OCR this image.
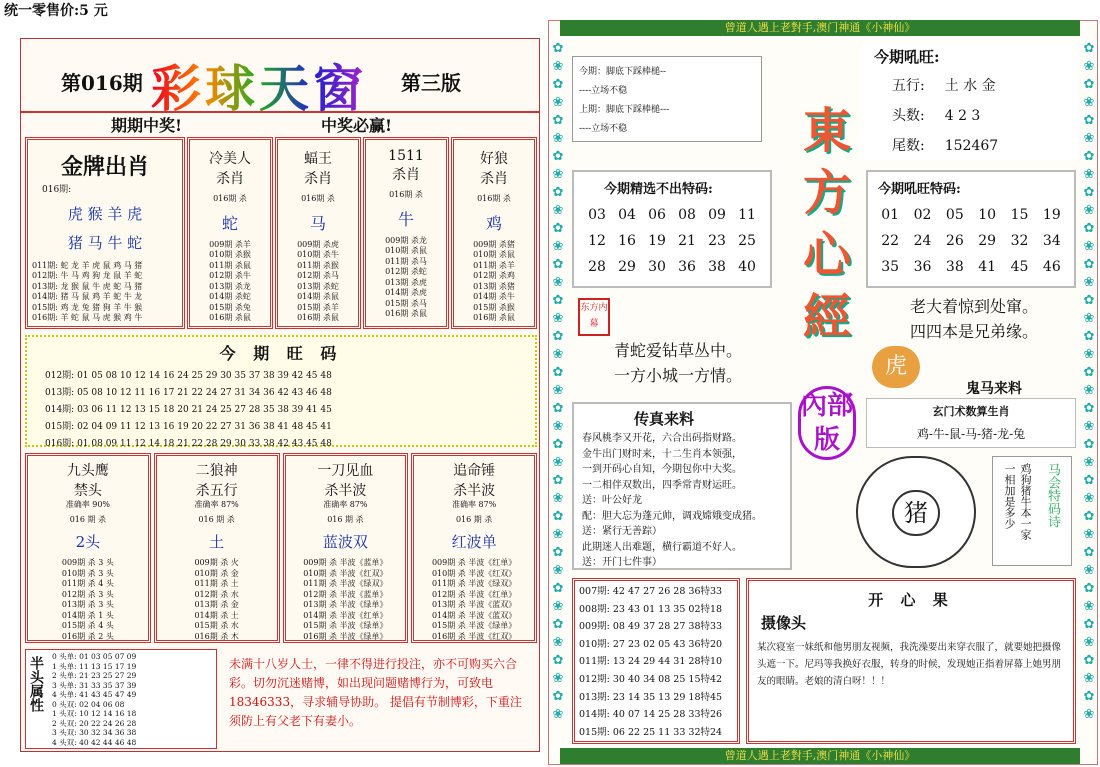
统一零售价:5 元
第016期 彩球天窗 第三版
期期中奖!	中奖必赢!
金牌出肖
016期:
虎 猴 羊 虎
猪 马 牛 蛇
011期: 蛇 龙 羊 虎 鼠 鸡 马 猪
012期: 牛 马 鸡 狗 龙 鼠 羊 蛇
013期: 龙 猴 鼠 牛 虎 蛇 马 猪
014期: 猪 马 鼠 鸡 羊 蛇 牛 龙
015期: 鸡 龙 兔 猪 狗 羊 牛 猴
016期: 羊 蛇 鼠 马 虎 猴 鸡 牛
冷美人
杀肖
016期 杀
蛇
009期 杀羊
010期 杀猴
011期 杀鼠
012期 杀牛
013期 杀龙
014期 杀蛇
015期 杀兔
016期 杀鼠
蝠王
杀肖
016期 杀
马
009期 杀虎
010期 杀牛
011期 杀猴
012期 杀马
013期 杀蛇
014期 杀鼠
015期 杀羊
016期 杀鼠
1511
杀肖
016期 杀
牛
009期 杀龙
010期 杀鼠
011期 杀马
012期 杀蛇
013期 杀虎
014期 杀虎
015期 杀马
016期 杀鼠
好狼
杀肖
016期 杀
鸡
009期 杀猪
010期 杀鼠
011期 杀羊
012期 杀鸡
013期 杀猪
014期 杀牛
015期 杀猴
016期 杀鼠
今 期 旺 码
012期: 01 05 08 10 12 14 16 24 25 29 30 35 37 38 39 42 45 48
013期: 05 08 10 12 11 16 17 21 22 24 27 31 34 36 42 43 46 48
014期: 03 06 11 12 13 15 18 20 21 24 25 27 28 35 38 39 41 45
015期: 02 04 09 11 12 13 16 19 20 22 27 31 36 38 41 48 45 41
016期: 01 08 09 11 12 14 18 21 22 28 29 30 33 38 42 43 45 48
九头鹰
禁头
准确率 90%
016 期 杀
2头
009期 杀 3 头
010期 杀 3 头
011期 杀 4 头
012期 杀 3 头
013期 杀 3 头
014期 杀 1 头
015期 杀 4 头
016期 杀 2 头
二狼神
杀五行
准确率 87%
016 期 杀
土
009期 杀 火
010期 杀 金
011期 杀 土
012期 杀 水
013期 杀 金
014期 杀 土
015期 杀 水
016期 杀 木
一刀见血
杀半波
准确率 87%
016 期 杀
蓝波双
009期 杀 半波《蓝单》
010期 杀 半波《红双》
011期 杀 半波《绿双》
012期 杀 半波《蓝单》
013期 杀 半波《绿单》
014期 杀 半波《红单》
015期 杀 半波《绿单》
016期 杀 半波《绿单》
追命锤
杀半波
准确率 87%
016 期 杀
红波单
009期 杀 半波《红单》
010期 杀 半波《红双》
011期 杀 半波《绿双》
012期 杀 半波《红单》
013期 杀 半波《蓝双》
014期 杀 半波《蓝双》
015期 杀 半波《绿单》
016期 杀 半波《红双》
半头属性 0 头单: 01 03 05 07 09
1 头单: 11 13 15 17 19
2 头单: 21 23 25 27 29
3 头单: 31 33 35 37 39
4 头单: 41 43 45 47 49
0 头双: 02 04 06 08
1 头双: 10 12 14 16 18
2 头双: 20 22 24 26 28
3 头双: 30 32 34 36 38
4 头双: 40 42 44 46 48
未满十八岁人士，一律不得进行投注，亦不可购买六合彩。切勿沉迷赌博，如出现问题赌博行为，可致电18346333，寻求辅导协助。 提倡有节制博彩，下重注须防上有父老下有妻小。
曾道人遇上老對手,澳门神通《小神仙》
曾道人遇上老對手,澳门神通《小神仙》
✿
❀
✿
❀
✿
❀
✿
❀
✿
❀
✿
❀
✿
❀
✿
❀
✿
❀
✿
❀
✿
❀
✿
❀
✿
❀
✿
❀
✿
❀
✿
❀
✿
❀
✿
❀
✿
❀
✿
❀
✿
❀
✿
❀
✿
❀
✿
❀
✿
❀
✿
❀
✿
❀
✿
❀
✿
❀
✿
❀
✿
❀
✿
❀
✿
❀
✿
❀
✿
❀
✿
❀
✿
❀
✿
❀
今期：脚底下踩棒槌--
----立场不稳
上期：脚底下踩棒槌---
----立场不稳
今期吼旺:
五行: 土 水 金
头数: 4 2 3
尾数: 152467
東方心經
內部版
今期精选不出特码:
03 04 06 08 09 11
12 16 19 21 23 25
28 29 30 36 38 40
今期吼旺特码:
01	02	05	10	15	19
22	24	26	29	32	34
35	36	38	41	45	46
东方内幕
青蛇爱钻草丛中。
一方小城一方情。
老大着惊到处窜。
四四本是兄弟缘。
虎
鬼马来料
玄门术数算生肖
鸡-牛-鼠-马-猪-龙-兔
传真来料
春风桃李又开花，六合出码指财路。
金牛出门财时来，十二生肖本领强，
一到开码心自知，今期包你中大奖。
一二相伴双数出，四季常青财运旺。
送：叶公好龙
配：胆大忘为蓬元帅，调戏嫦娥变成猪。
送：紧行无善踪）
此期迷人出难题，横行霸道不好人。
送：开门七件事）
猪	一相加是多少 鸡狗猪牛本一家 马会特码诗
007期: 42 47 27 26 28 36特33
008期: 23 43 01 13 35 02特18
009期: 08 49 37 28 27 38特33
010期: 27 23 02 05 43 36特20
011期: 13 24 29 44 31 28特10
012期: 30 40 34 08 25 15特42
013期: 23 14 35 13 29 18特45
014期: 40 07 14 25 28 33特26
015期: 06 22 25 11 33 32特24
开 心 果
摄像头
某次寝室一妹纸和他男朋友视频，我洗澡要出来穿衣服了，就要她把摄像头遮一下。尼玛等我换好衣服，转身的时候，发现她正指着屏幕上她男朋友的眼睛。老娘的清白呀！！！
